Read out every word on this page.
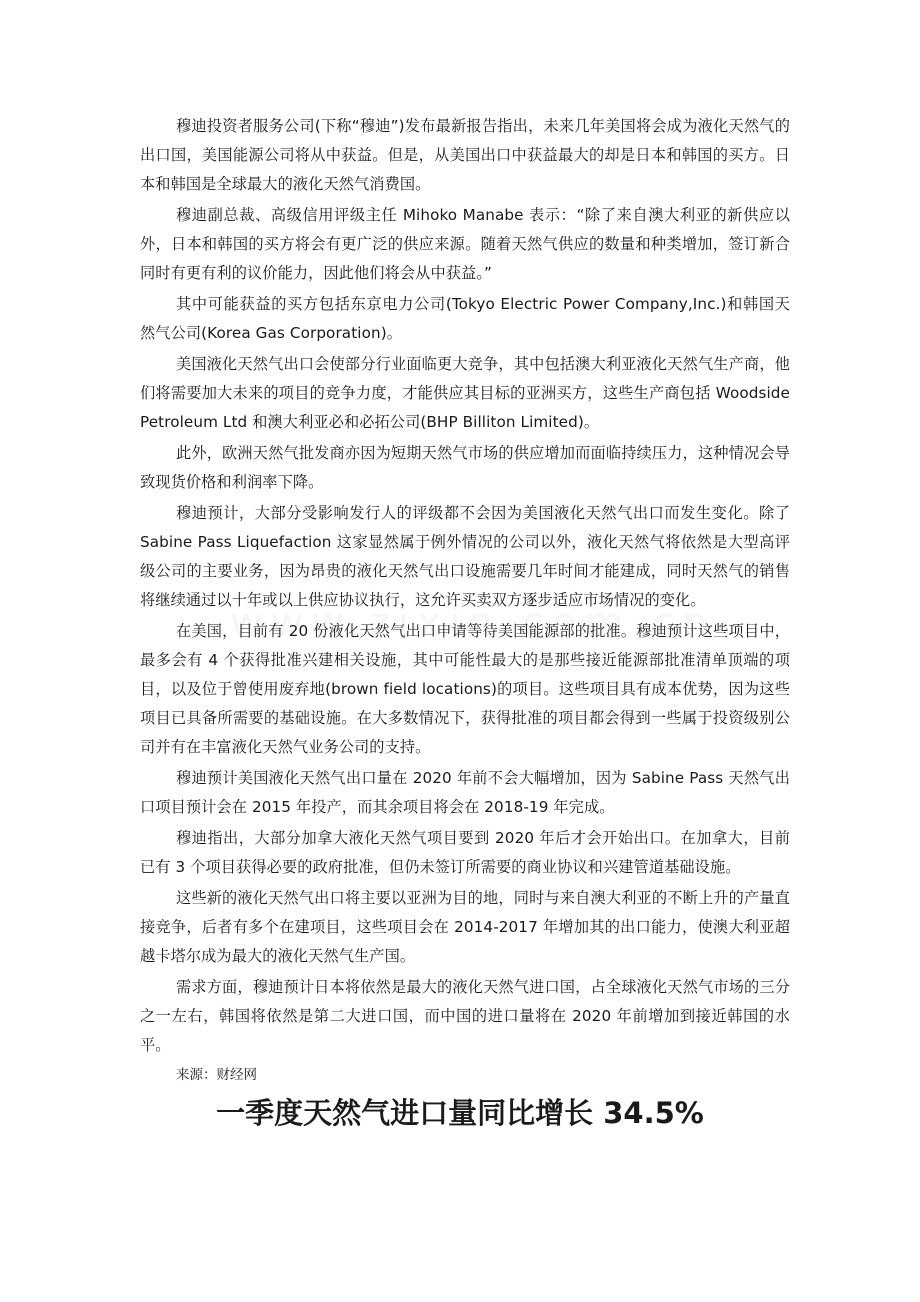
穆迪投资者服务公司(下称“穆迪”)发布最新报告指出，未来几年美国将会成为液化天然气的出口国，美国能源公司将从中获益。但是，从美国出口中获益最大的却是日本和韩国的买方。日本和韩国是全球最大的液化天然气消费国。

穆迪副总裁、高级信用评级主任 Mihoko Manabe 表示：“除了来自澳大利亚的新供应以外，日本和韩国的买方将会有更广泛的供应来源。随着天然气供应的数量和种类增加，签订新合同时有更有利的议价能力，因此他们将会从中获益。”

其中可能获益的买方包括东京电力公司(Tokyo Electric Power Company,Inc.)和韩国天然气公司(Korea Gas Corporation)。

美国液化天然气出口会使部分行业面临更大竞争，其中包括澳大利亚液化天然气生产商，他们将需要加大未来的项目的竞争力度，才能供应其目标的亚洲买方，这些生产商包括 Woodside Petroleum Ltd 和澳大利亚必和必拓公司(BHP Billiton Limited)。

此外，欧洲天然气批发商亦因为短期天然气市场的供应增加而面临持续压力，这种情况会导致现货价格和利润率下降。

穆迪预计，大部分受影响发行人的评级都不会因为美国液化天然气出口而发生变化。除了 Sabine Pass Liquefaction 这家显然属于例外情况的公司以外，液化天然气将依然是大型高评级公司的主要业务，因为昂贵的液化天然气出口设施需要几年时间才能建成，同时天然气的销售将继续通过以十年或以上供应协议执行，这允许买卖双方逐步适应市场情况的变化。

在美国，目前有 20 份液化天然气出口申请等待美国能源部的批准。穆迪预计这些项目中，最多会有 4 个获得批准兴建相关设施，其中可能性最大的是那些接近能源部批准清单顶端的项目，以及位于曾使用废弃地(brown field locations)的项目。这些项目具有成本优势，因为这些项目已具备所需要的基础设施。在大多数情况下，获得批准的项目都会得到一些属于投资级别公司并有在丰富液化天然气业务公司的支持。

穆迪预计美国液化天然气出口量在 2020 年前不会大幅增加，因为 Sabine Pass 天然气出口项目预计会在 2015 年投产，而其余项目将会在 2018-19 年完成。

穆迪指出，大部分加拿大液化天然气项目要到 2020 年后才会开始出口。在加拿大，目前已有 3 个项目获得必要的政府批准，但仍未签订所需要的商业协议和兴建管道基础设施。

这些新的液化天然气出口将主要以亚洲为目的地，同时与来自澳大利亚的不断上升的产量直接竞争，后者有多个在建项目，这些项目会在 2014-2017 年增加其的出口能力，使澳大利亚超越卡塔尔成为最大的液化天然气生产国。

需求方面，穆迪预计日本将依然是最大的液化天然气进口国，占全球液化天然气市场的三分之一左右，韩国将依然是第二大进口国，而中国的进口量将在 2020 年前增加到接近韩国的水平。

来源：财经网

一季度天然气进口量同比增长 34.5%
